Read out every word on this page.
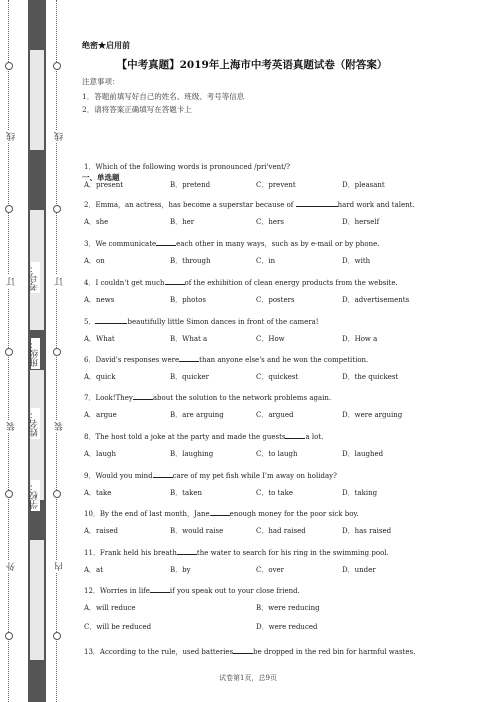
外
装
订
线
学校：
姓名：
班级：
考号：
内
装
订
线
绝密★启用前
【中考真题】2019年上海市中考英语真题试卷（附答案）
注意事项：
1．答题前填写好自己的姓名、班级、考号等信息
2．请将答案正确填写在答题卡上
一、单选题
1．Which of the following words is pronounced /pri'vent/?
A．present	B．pretend	C．prevent	D．pleasant
2．Emma，an actress，has become a superstar because of	hard work and talent.
A．she	B．her	C．hers	D．herself
3．We communicate	each other in many ways，such as by e-mail or by phone.
A．on	B．through	C．in	D．with
4．I couldn't get much	of the exhibition of clean energy products from the website.
A．news	B．photos	C．posters	D．advertisements
5．	beautifully little Simon dances in front of the camera!
A．What	B．What a	C．How	D．How a
6．David's responses were	than anyone else's and he won the competition.
A．quick	B．quicker	C．quickest	D．the quickest
7．Look!They	about the solution to the network problems again.
A．argue	B．are arguing	C．argued	D．were arguing
8．The host told a joke at the party and made the guests	a lot.
A．laugh	B．laughing	C．to laugh	D．laughed
9．Would you mind	care of my pet fish while I'm away on holiday?
A．take	B．taken	C．to take	D．taking
10．By the end of last month，Jane	enough money for the poor sick boy.
A．raised	B．would raise	C．had raised	D．has raised
11．Frank held his breath	the water to search for his ring in the swimming pool.
A．at	B．by	C．over	D．under
12．Worries in life	if you speak out to your close friend.
A．will reduce	B．were reducing
C．will be reduced	D．were reduced
13．According to the rule，used batteries	be dropped in the red bin for harmful wastes.
试卷第1页，总9页
